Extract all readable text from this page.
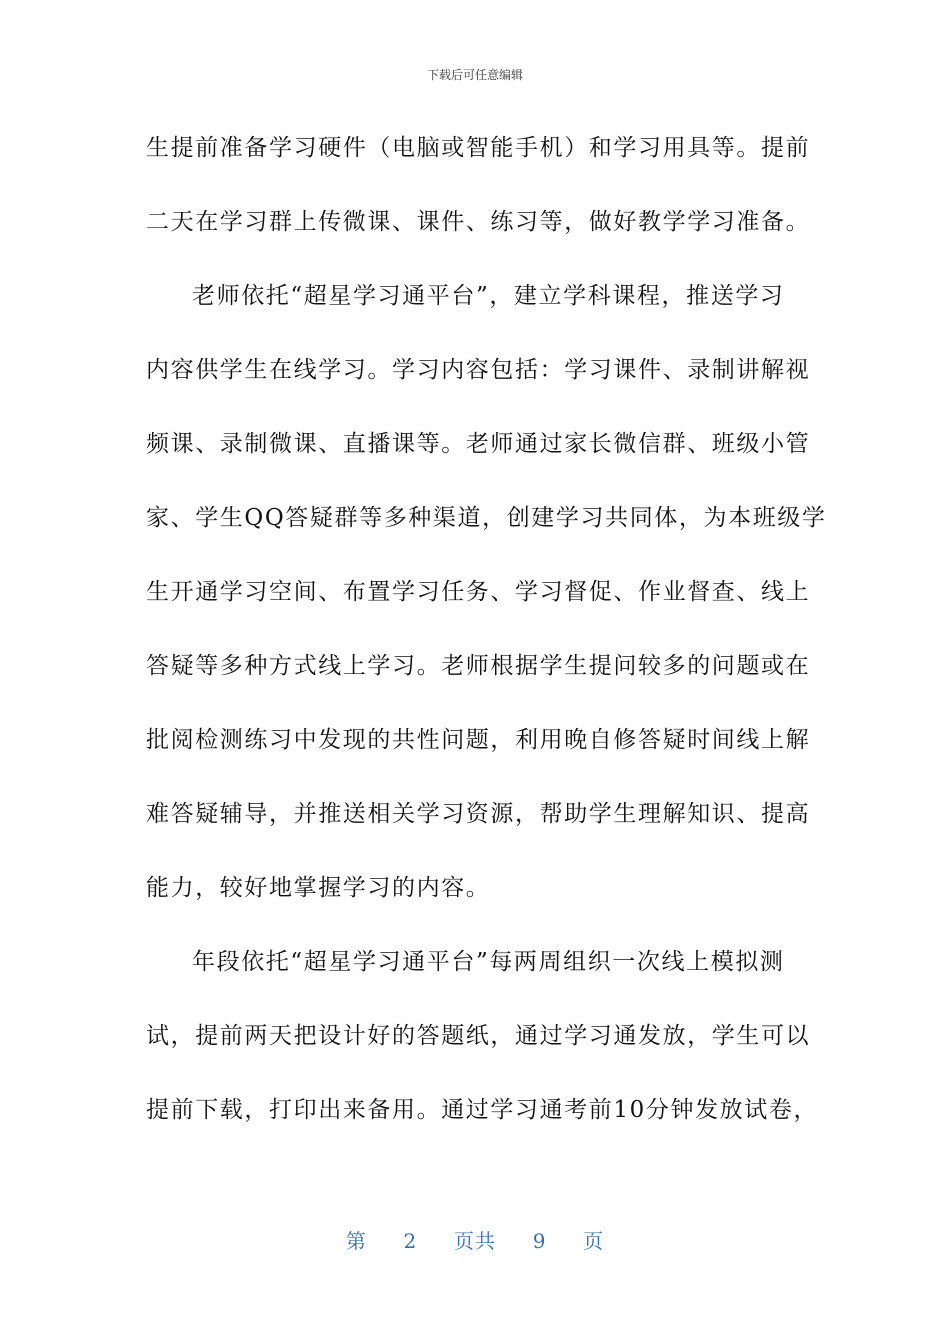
下载后可任意编辑
生提前准备学习硬件（电脑或智能手机）和学习用具等。提前
二天在学习群上传微课、课件、练习等，做好教学学习准备。
老师依托“超星学习通平台”，建立学科课程，推送学习
内容供学生在线学习。学习内容包括：学习课件、录制讲解视
频课、录制微课、直播课等。老师通过家长微信群、班级小管
家、学生QQ答疑群等多种渠道，创建学习共同体，为本班级学
生开通学习空间、布置学习任务、学习督促、作业督查、线上
答疑等多种方式线上学习。老师根据学生提问较多的问题或在
批阅检测练习中发现的共性问题，利用晚自修答疑时间线上解
难答疑辅导，并推送相关学习资源，帮助学生理解知识、提高
能力，较好地掌握学习的内容。
年段依托“超星学习通平台”每两周组织一次线上模拟测
试，提前两天把设计好的答题纸，通过学习通发放，学生可以
提前下载，打印出来备用。通过学习通考前10分钟发放试卷，
第 2 页共 9 页
